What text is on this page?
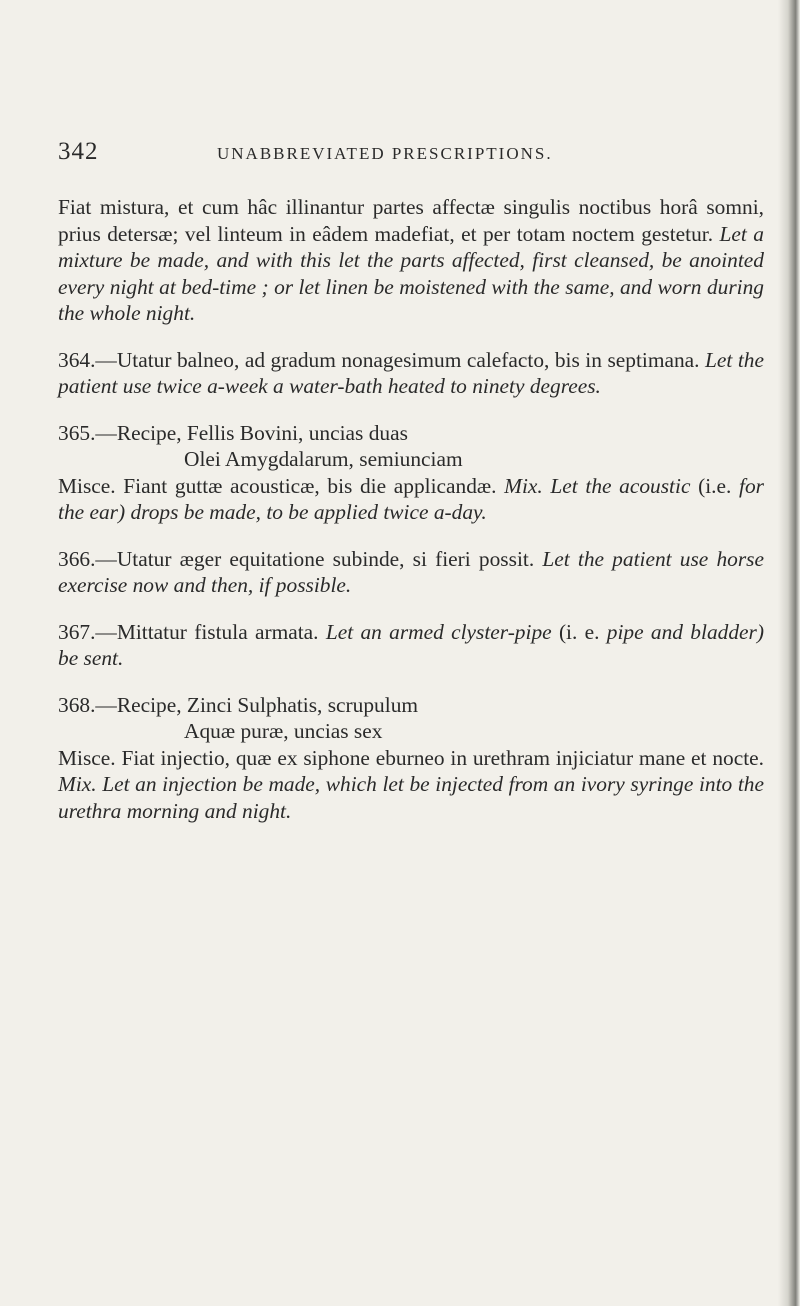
342	UNABBREVIATED PRESCRIPTIONS.

Fiat mistura, et cum hâc illinantur partes affectæ singulis noctibus horâ somni, prius detersæ; vel linteum in eâdem madefiat, et per totam noctem gestetur. Let a mixture be made, and with this let the parts affected, first cleansed, be anointed every night at bed-time ; or let linen be moistened with the same, and worn during the whole night.

364.—Utatur balneo, ad gradum nonagesimum calefacto, bis in septimana. Let the patient use twice a-week a water-bath heated to ninety degrees.

365.—Recipe, Fellis Bovini, uncias duas
Olei Amygdalarum, semiunciam
Misce. Fiant guttæ acousticæ, bis die applicandæ. Mix. Let the acoustic (i.e. for the ear) drops be made, to be applied twice a-day.

366.—Utatur æger equitatione subinde, si fieri possit. Let the patient use horse exercise now and then, if possible.

367.—Mittatur fistula armata. Let an armed clyster-pipe (i. e. pipe and bladder) be sent.

368.—Recipe, Zinci Sulphatis, scrupulum
Aquæ puræ, uncias sex
Misce. Fiat injectio, quæ ex siphone eburneo in urethram injiciatur mane et nocte. Mix. Let an injection be made, which let be injected from an ivory syringe into the urethra morning and night.
